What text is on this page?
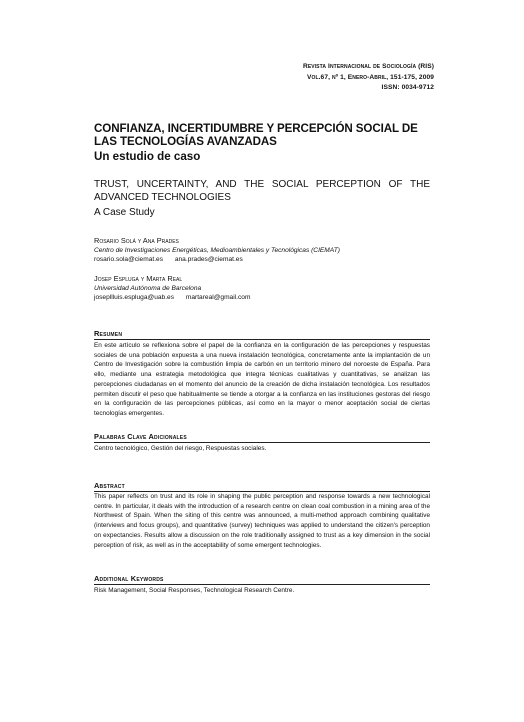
Revista Internacional de Sociología (RIS)
Vol.67, nº 1, Enero-Abril, 151-175, 2009
ISSN: 0034-9712
CONFIANZA, INCERTIDUMBRE Y PERCEPCIÓN SOCIAL DE LAS TECNOLOGÍAS AVANZADAS
Un estudio de caso
TRUST, UNCERTAINTY, AND THE SOCIAL PERCEPTION OF THE ADVANCED TECHNOLOGIES
A Case Study
Rosario Solá y Ana Prades
Centro de Investigaciones Energéticas, Medioambientales y Tecnológicas (CIEMAT)
rosario.sola@ciemat.es ana.prades@ciemat.es
Josep Espluga y Marta Real
Universidad Autónoma de Barcelona
josepllluis.espluga@uab.es martareal@gmail.com
Resumen
En este artículo se reflexiona sobre el papel de la confianza en la configuración de las percepciones y respuestas sociales de una población expuesta a una nueva instalación tecnológica, concretamente ante la implantación de un Centro de Investigación sobre la combustión limpia de carbón en un territorio minero del noroeste de España. Para ello, mediante una estrategia metodológica que integra técnicas cualitativas y cuantitativas, se analizan las percepciones ciudadanas en el momento del anuncio de la creación de dicha instalación tecnológica. Los resultados permiten discutir el peso que habitualmente se tiende a otorgar a la confianza en las instituciones gestoras del riesgo en la configuración de las percepciones públicas, así como en la mayor o menor aceptación social de ciertas tecnologías emergentes.
Palabras Clave Adicionales
Centro tecnológico, Gestión del riesgo, Respuestas sociales.
Abstract
This paper reflects on trust and its role in shaping the public perception and response towards a new technological centre. In particular, it deals with the introduction of a research centre on clean coal combustion in a mining area of the Northwest of Spain. When the siting of this centre was announced, a multi-method approach combining qualitative (interviews and focus groups), and quantitative (survey) techniques was applied to understand the citizen's perception on expectancies. Results allow a discussion on the role traditionally assigned to trust as a key dimension in the social perception of risk, as well as in the acceptability of some emergent technologies.
Additional Keywords
Risk Management, Social Responses, Technological Research Centre.
